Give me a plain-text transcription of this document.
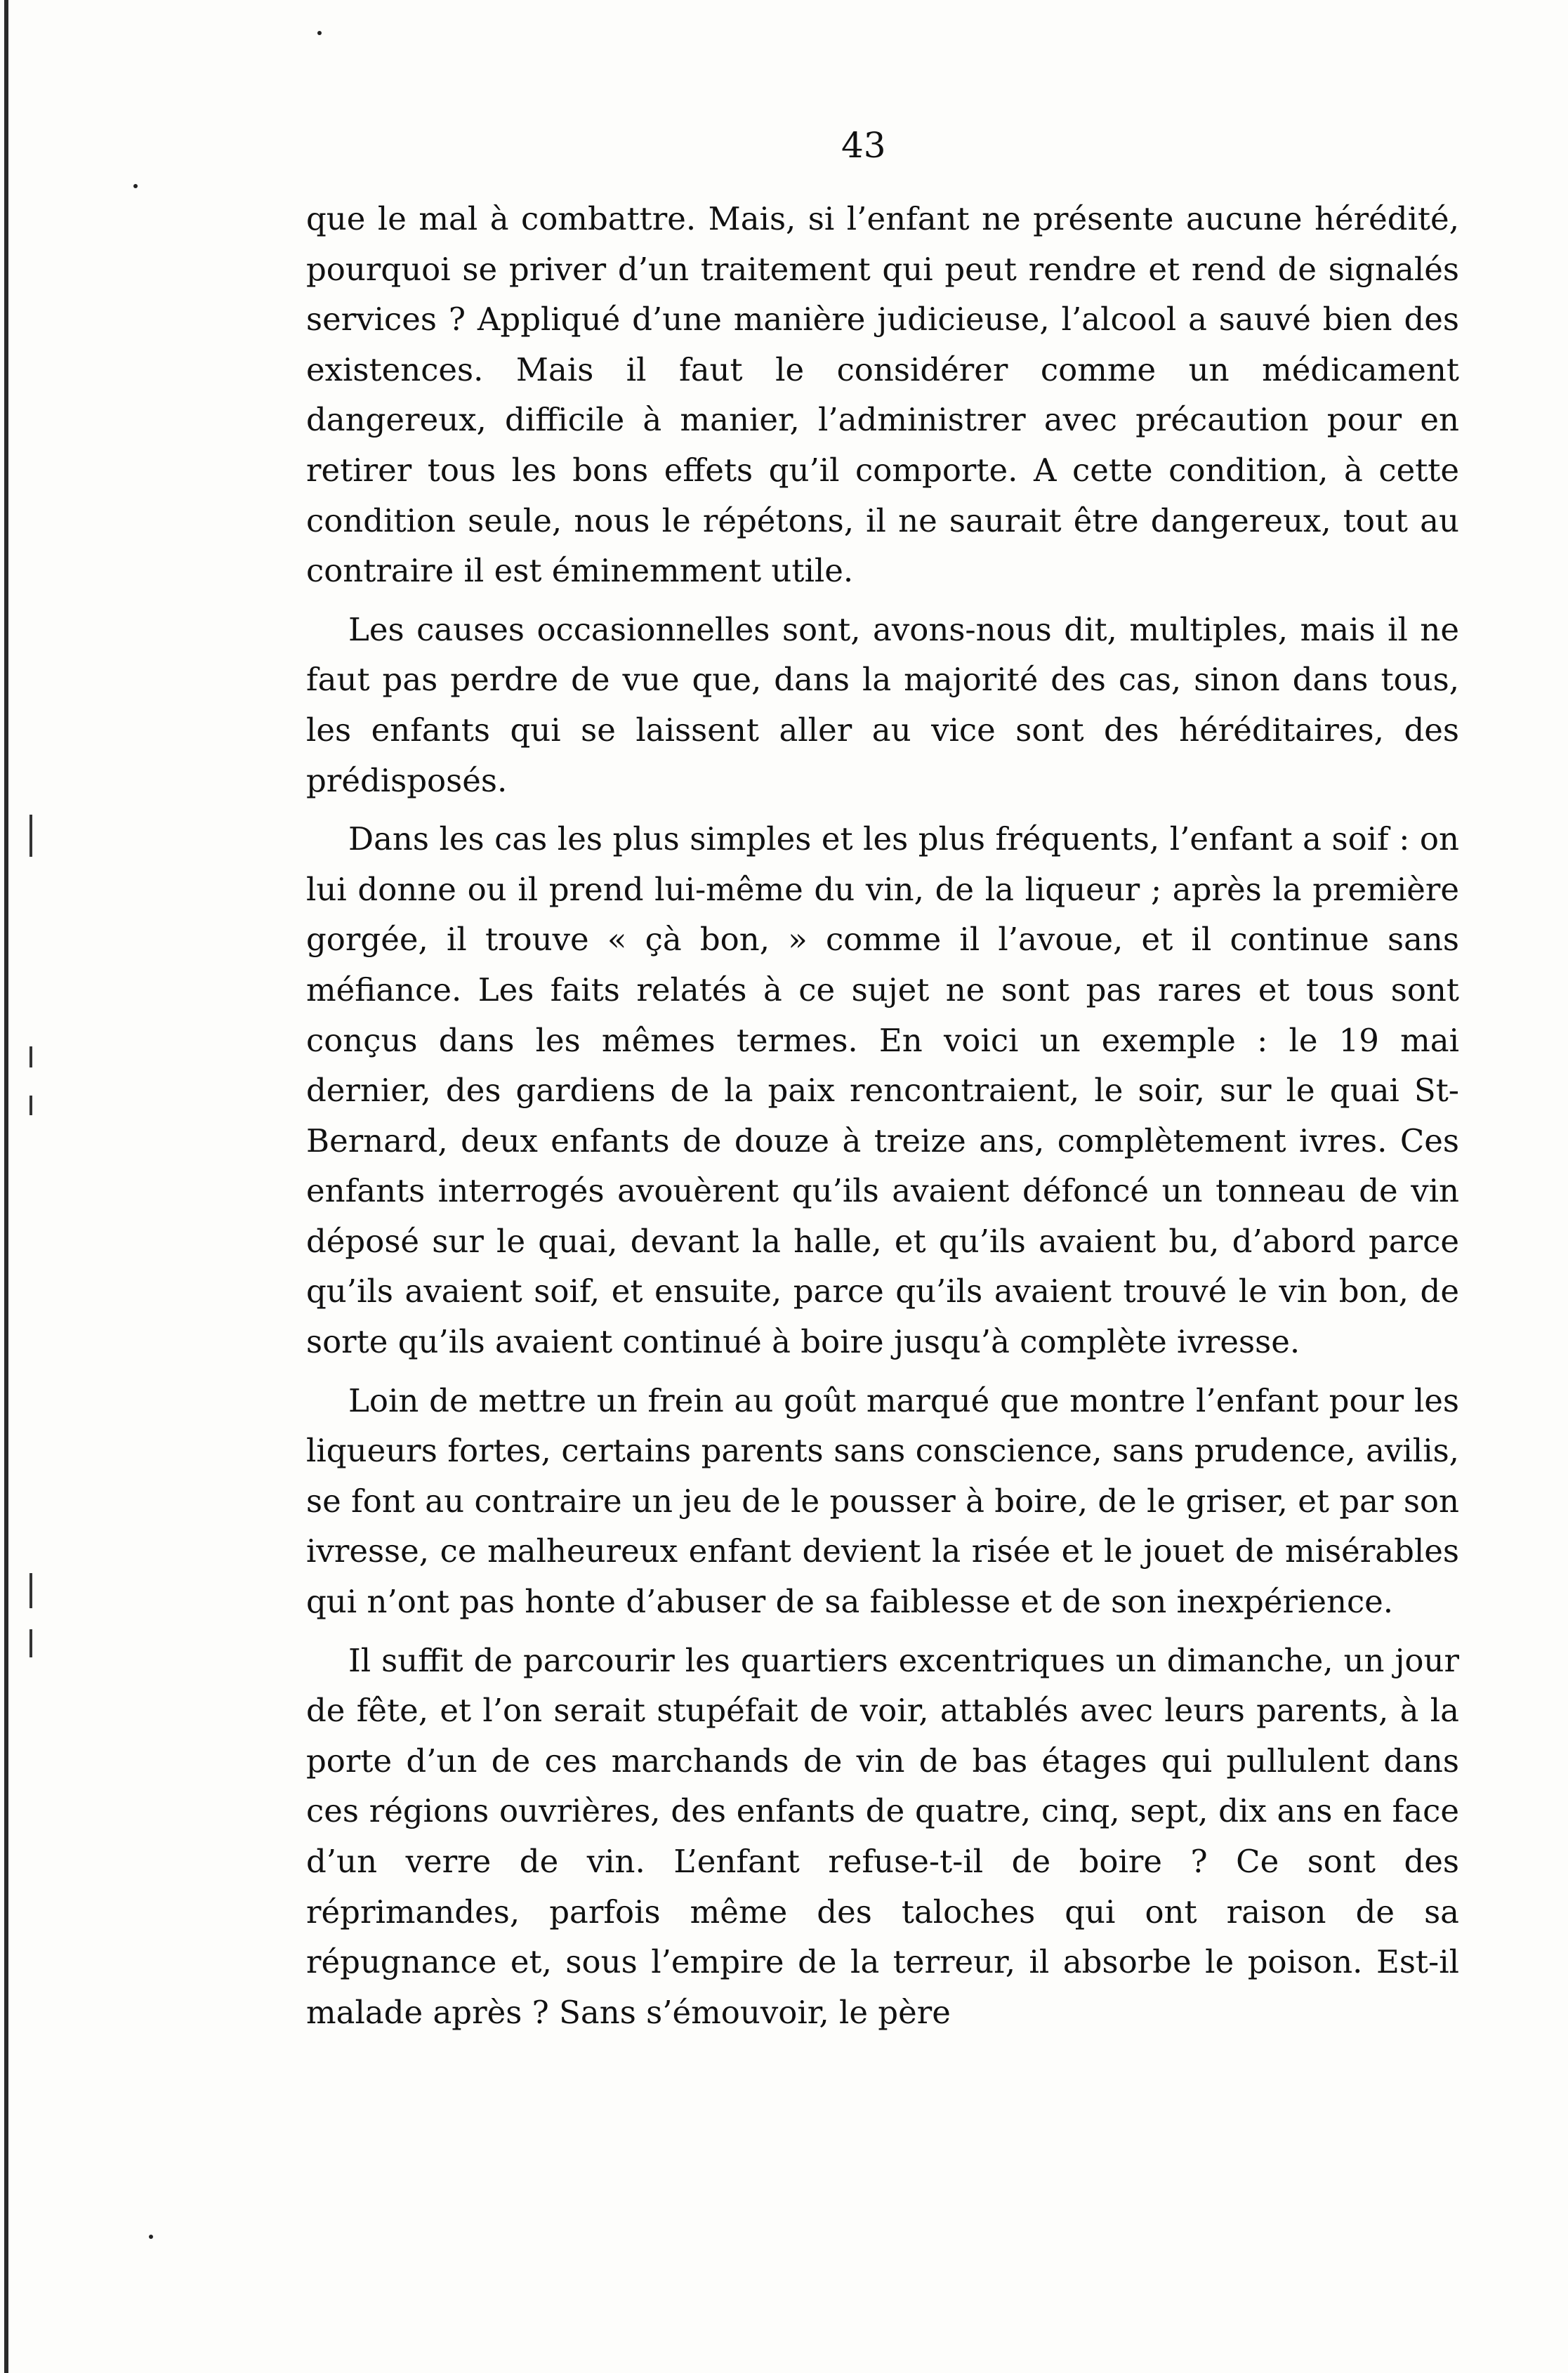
43

que le mal à combattre. Mais, si l’enfant ne présente aucune hérédité, pourquoi se priver d’un traitement qui peut rendre et rend de signalés services ? Appliqué d’une manière judicieuse, l’alcool a sauvé bien des existences. Mais il faut le considérer comme un médicament dangereux, difficile à manier, l’administrer avec précaution pour en retirer tous les bons effets qu’il comporte. A cette condition, à cette condition seule, nous le répétons, il ne saurait être dangereux, tout au contraire il est éminemment utile.

Les causes occasionnelles sont, avons-nous dit, multiples, mais il ne faut pas perdre de vue que, dans la majorité des cas, sinon dans tous, les enfants qui se laissent aller au vice sont des héréditaires, des prédisposés.

Dans les cas les plus simples et les plus fréquents, l’enfant a soif : on lui donne ou il prend lui-même du vin, de la liqueur ; après la première gorgée, il trouve « çà bon, » comme il l’avoue, et il continue sans méfiance. Les faits relatés à ce sujet ne sont pas rares et tous sont conçus dans les mêmes termes. En voici un exemple : le 19 mai dernier, des gardiens de la paix rencontraient, le soir, sur le quai St-Bernard, deux enfants de douze à treize ans, complètement ivres. Ces enfants interrogés avouèrent qu’ils avaient défoncé un tonneau de vin déposé sur le quai, devant la halle, et qu’ils avaient bu, d’abord parce qu’ils avaient soif, et ensuite, parce qu’ils avaient trouvé le vin bon, de sorte qu’ils avaient continué à boire jusqu’à complète ivresse.

Loin de mettre un frein au goût marqué que montre l’enfant pour les liqueurs fortes, certains parents sans conscience, sans prudence, avilis, se font au contraire un jeu de le pousser à boire, de le griser, et par son ivresse, ce malheureux enfant devient la risée et le jouet de misérables qui n’ont pas honte d’abuser de sa faiblesse et de son inexpérience.

Il suffit de parcourir les quartiers excentriques un dimanche, un jour de fête, et l’on serait stupéfait de voir, attablés avec leurs parents, à la porte d’un de ces marchands de vin de bas étages qui pullulent dans ces régions ouvrières, des enfants de quatre, cinq, sept, dix ans en face d’un verre de vin. L’enfant refuse-t-il de boire ? Ce sont des réprimandes, parfois même des taloches qui ont raison de sa répugnance et, sous l’empire de la terreur, il absorbe le poison. Est-il malade après ? Sans s’émouvoir, le père
